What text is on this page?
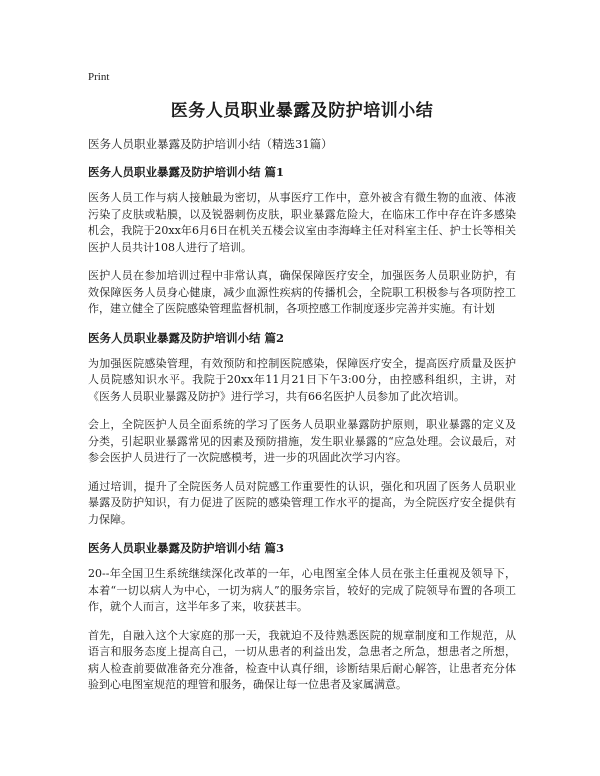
Print
医务人员职业暴露及防护培训小结
医务人员职业暴露及防护培训小结（精选31篇）
医务人员职业暴露及防护培训小结 篇1

医务人员工作与病人接触最为密切，从事医疗工作中，意外被含有微生物的血液、体液污染了皮肤或粘膜，以及锐器刺伤皮肤，职业暴露危险大，在临床工作中存在许多感染机会，我院于20xx年6月6日在机关五楼会议室由李海峰主任对科室主任、护士长等相关医护人员共计108人进行了培训。

医护人员在参加培训过程中非常认真，确保保障医疗安全，加强医务人员职业防护，有效保障医务人员身心健康，减少血源性疾病的传播机会，全院职工积极参与各项防控工作，建立健全了医院感染管理监督机制，各项控感工作制度逐步完善并实施。有计划

医务人员职业暴露及防护培训小结 篇2

为加强医院感染管理，有效预防和控制医院感染，保障医疗安全，提高医疗质量及医护人员院感知识水平。我院于20xx年11月21日下午3:00分，由控感科组织，主讲，对《医务人员职业暴露及防护》进行学习，共有66名医护人员参加了此次培训。

会上，全院医护人员全面系统的学习了医务人员职业暴露防护原则，职业暴露的定义及分类，引起职业暴露常见的因素及预防措施，发生职业暴露的“应急处理。会议最后，对参会医护人员进行了一次院感模考，进一步的巩固此次学习内容。

通过培训，提升了全院医务人员对院感工作重要性的认识，强化和巩固了医务人员职业暴露及防护知识，有力促进了医院的感染管理工作水平的提高，为全院医疗安全提供有力保障。

医务人员职业暴露及防护培训小结 篇3

20--年全国卫生系统继续深化改革的一年，心电图室全体人员在张主任重视及领导下，本着“一切以病人为中心，一切为病人”的服务宗旨，较好的完成了院领导布置的各项工作，就个人而言，这半年多了来，收获甚丰。

首先，自融入这个大家庭的那一天，我就迫不及待熟悉医院的规章制度和工作规范，从语言和服务态度上提高自己，一切从患者的利益出发，急患者之所急，想患者之所想，病人检查前要做准备充分准备，检查中认真仔细，诊断结果后耐心解答，让患者充分体验到心电图室规范的理管和服务，确保让每一位患者及家属满意。
